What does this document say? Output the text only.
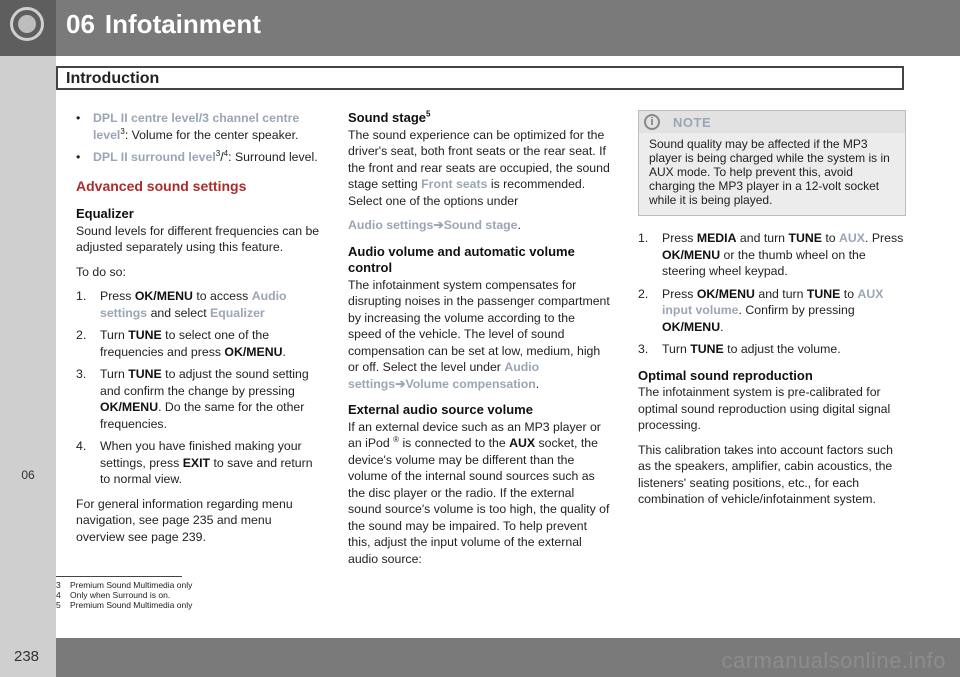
06 Infotainment
06
Introduction
• DPL II centre level/3 channel centre level$^3$: Volume for the center speaker.
• DPL II surround level$^3$/$^4$: Surround level.
Advanced sound settings
Equalizer

Sound levels for different frequencies can be adjusted separately using this feature.

To do so:

1. Press OK/MENU to access Audio settings and select Equalizer
2. Turn TUNE to select one of the frequencies and press OK/MENU.
3. Turn TUNE to adjust the sound setting and confirm the change by pressing OK/MENU. Do the same for the other frequencies.
4. When you have finished making your settings, press EXIT to save and return to normal view.

For general information regarding menu navigation, see page 235 and menu overview see page 239.

Sound stage$^5$

The sound experience can be optimized for the driver's seat, both front seats or the rear seat. If the front and rear seats are occupied, the sound stage setting Front seats is recommended. Select one of the options under

Audio settings➔Sound stage.

Audio volume and automatic volume control

The infotainment system compensates for disrupting noises in the passenger compartment by increasing the volume according to the speed of the vehicle. The level of sound compensation can be set at low, medium, high or off. Select the level under Audio settings➔Volume compensation.

External audio source volume

If an external device such as an MP3 player or an iPod ® is connected to the AUX socket, the device's volume may be different than the volume of the internal sound sources such as the disc player or the radio. If the external sound source's volume is too high, the quality of the sound may be impaired. To help prevent this, adjust the input volume of the external audio source:

i	NOTE
Sound quality may be affected if the MP3 player is being charged while the system is in AUX mode. To help prevent this, avoid charging the MP3 player in a 12-volt socket while it is being played.
1. Press MEDIA and turn TUNE to AUX. Press OK/MENU or the thumb wheel on the steering wheel keypad.
2. Press OK/MENU and turn TUNE to AUX input volume. Confirm by pressing OK/MENU.
3. Turn TUNE to adjust the volume.
Optimal sound reproduction

The infotainment system is pre-calibrated for optimal sound reproduction using digital signal processing.

This calibration takes into account factors such as the speakers, amplifier, cabin acoustics, the listeners' seating positions, etc., for each combination of vehicle/infotainment system.

3 Premium Sound Multimedia only
4 Only when Surround is on.
5 Premium Sound Multimedia only
238	carmanualsonline.info
